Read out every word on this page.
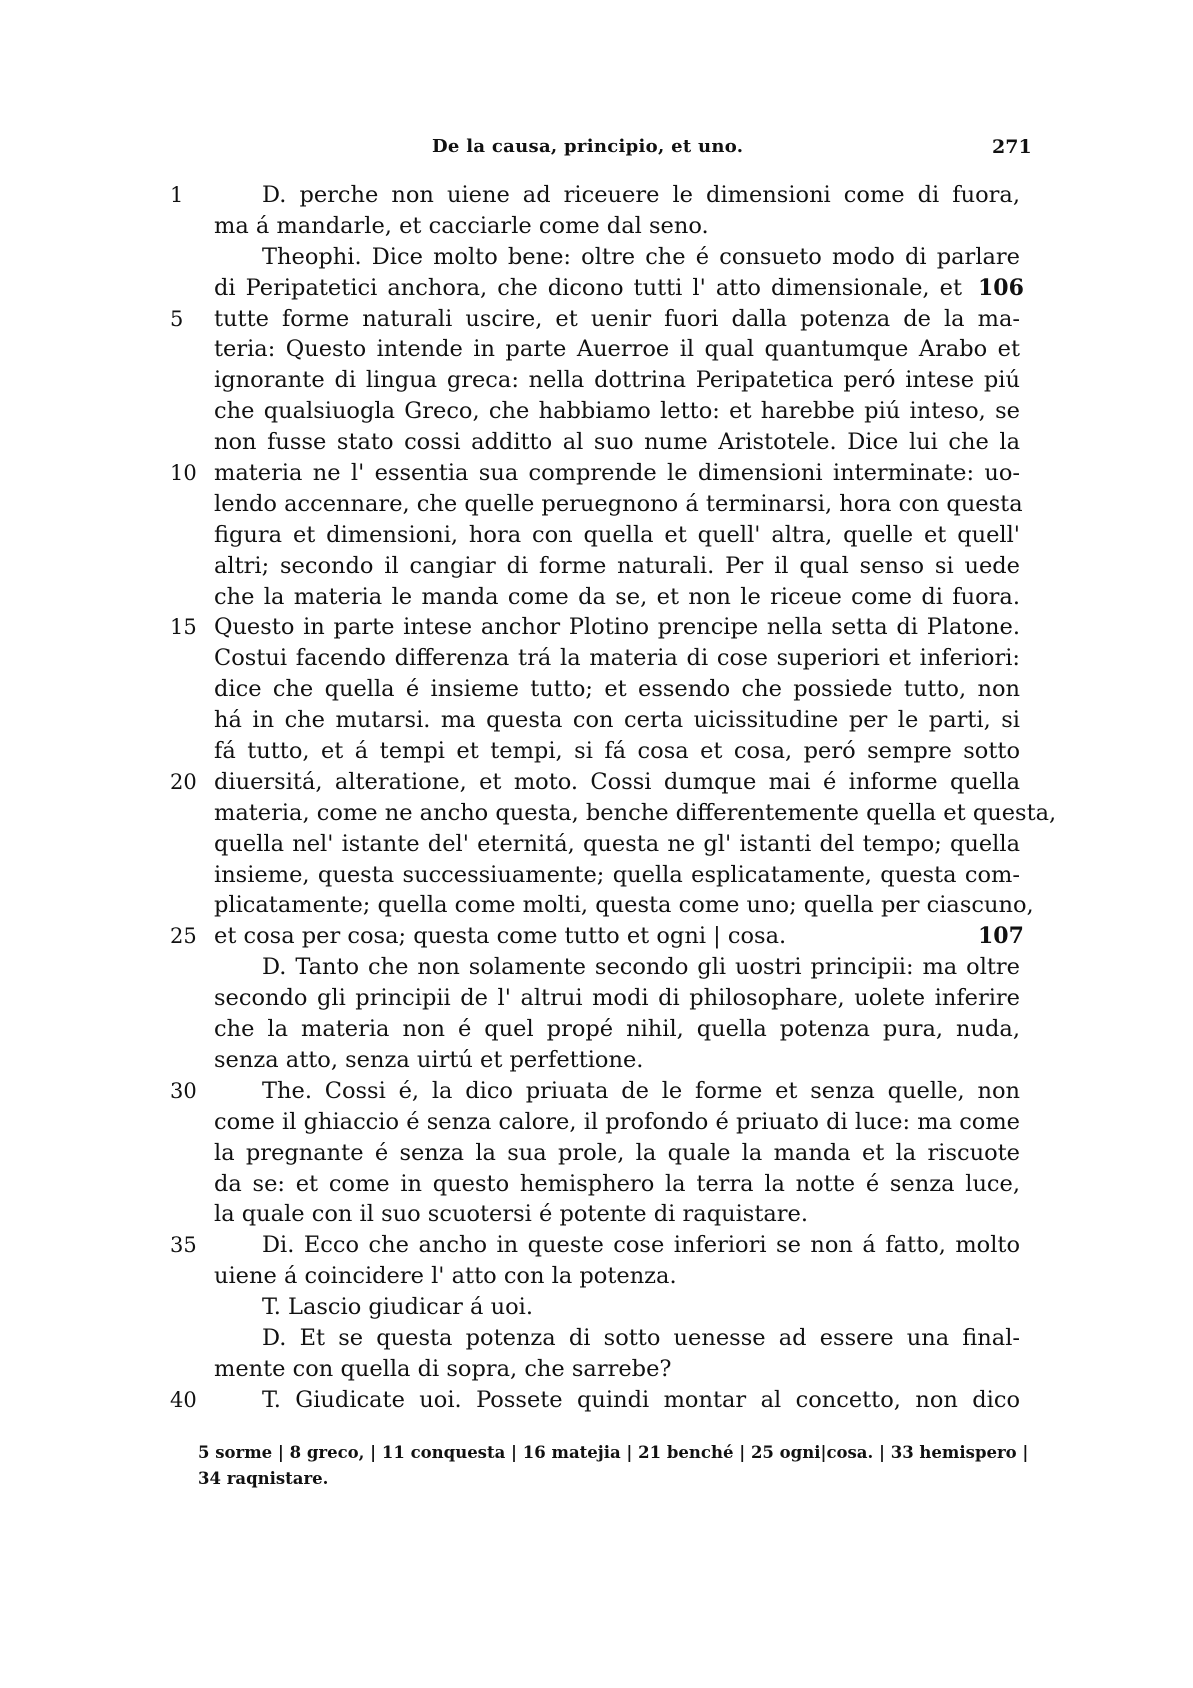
De la causa, principio, et uno.	271
1	D. perche non uiene ad riceuere le dimensioni come di fuora,
ma á mandarle, et cacciarle come dal seno.
Theophi. Dice molto bene: oltre che é consueto modo di parlare
di Peripatetici anchora, che dicono tutti l' atto dimensionale, et 106
5 tutte forme naturali uscire, et uenir fuori dalla potenza de la ma-
teria: Questo intende in parte Auerroe il qual quantumque Arabo et
ignorante di lingua greca: nella dottrina Peripatetica peró intese piú
che qualsiuogla Greco, che habbiamo letto: et harebbe piú inteso, se
non fusse stato cossi additto al suo nume Aristotele. Dice lui che la
10 materia ne l' essentia sua comprende le dimensioni interminate: uo-
lendo accennare, che quelle peruegnono á terminarsi, hora con questa
figura et dimensioni, hora con quella et quell' altra, quelle et quell'
altri; secondo il cangiar di forme naturali. Per il qual senso si uede
che la materia le manda come da se, et non le riceue come di fuora.
15 Questo in parte intese anchor Plotino prencipe nella setta di Platone.
Costui facendo differenza trá la materia di cose superiori et inferiori:
dice che quella é insieme tutto; et essendo che possiede tutto, non
há in che mutarsi. ma questa con certa uicissitudine per le parti, si
fá tutto, et á tempi et tempi, si fá cosa et cosa, peró sempre sotto
20 diuersitá, alteratione, et moto. Cossi dumque mai é informe quella
materia, come ne ancho questa, benche differentemente quella et questa,
quella nel' istante del' eternitá, questa ne gl' istanti del tempo; quella
insieme, questa successiuamente; quella esplicatamente, questa com-
plicatamente; quella come molti, questa come uno; quella per ciascuno,
25 et cosa per cosa; questa come tutto et ogni | cosa.	107
D. Tanto che non solamente secondo gli uostri principii: ma oltre
secondo gli principii de l' altrui modi di philosophare, uolete inferire
che la materia non é quel propé nihil, quella potenza pura, nuda,
senza atto, senza uirtú et perfettione.
30	The. Cossi é, la dico priuata de le forme et senza quelle, non
come il ghiaccio é senza calore, il profondo é priuato di luce: ma come
la pregnante é senza la sua prole, la quale la manda et la riscuote
da se: et come in questo hemisphero la terra la notte é senza luce,
la quale con il suo scuotersi é potente di raquistare.
35	Di. Ecco che ancho in queste cose inferiori se non á fatto, molto
uiene á coincidere l' atto con la potenza.
T. Lascio giudicar á uoi.
D. Et se questa potenza di sotto uenesse ad essere una final-
mente con quella di sopra, che sarrebe?
40	T. Giudicate uoi. Possete quindi montar al concetto, non dico
5 sorme | 8 greco, | 11 conquesta | 16 matejia | 21 benché | 25 ogni|cosa. | 33 hemispero |
34 raqnistare.
